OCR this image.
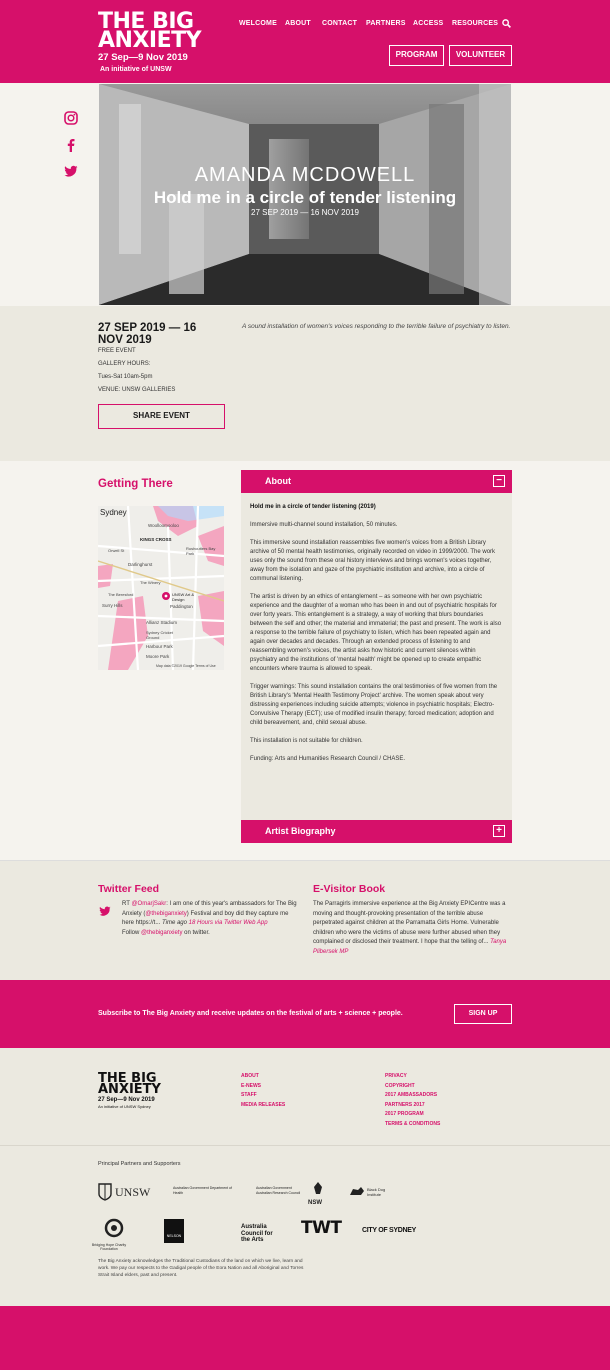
THE BIG
ANXIETY
27 Sep—9 Nov 2019
An initiative of UNSW
WELCOME ABOUT CONTACT PARTNERS ACCESS RESOURCES
PROGRAM	VOLUNTEER
AMANDA MCDOWELL
Hold me in a circle of tender listening
27 SEP 2019 — 16 NOV 2019
27 SEP 2019 — 16
NOV 2019
FREE EVENT
GALLERY HOURS:
Tues-Sat 10am-5pm
VENUE: UNSW GALLERIES
SHARE EVENT
A sound installation of women's voices responding to the terrible failure of psychiatry to listen.
Getting There
Sydney
KINGS CROSS
Woolloomooloo
Rushcutters Bay Park
Darlinghurst
Surry Hills	Paddington
Allianz Stadium
Sydney Cricket Ground
Harbour Park
Moore Park
UNSW Art & Design
The Winery
The Beresford
Orwell St
Map data ©2019 Google Terms of Use
About	−
Hold me in a circle of tender listening (2019)
Immersive multi-channel sound installation, 50 minutes.
This immersive sound installation reassembles five women's voices from a British Library archive of 50 mental health testimonies, originally recorded on video in 1999/2000. The work uses only the sound from these oral history interviews and brings women's voices together, away from the isolation and gaze of the psychiatric institution and archive, into a circle of communal listening.
The artist is driven by an ethics of entanglement – as someone with her own psychiatric experience and the daughter of a woman who has been in and out of psychiatric hospitals for over forty years. This entanglement is a strategy, a way of working that blurs boundaries between the self and other; the material and immaterial; the past and present. The work is also a response to the terrible failure of psychiatry to listen, which has been repeated again and again over decades and decades. Through an extended process of listening to and reassembling women's voices, the artist asks how historic and current silences within psychiatry and the institutions of 'mental health' might be opened up to create empathic encounters where trauma is allowed to speak.
Trigger warnings: This sound installation contains the oral testimonies of five women from the British Library's 'Mental Health Testimony Project' archive. The women speak about very distressing experiences including suicide attempts; violence in psychiatric hospitals; Electro-Convulsive Therapy (ECT); use of modified insulin therapy; forced medication; adoption and child bereavement, and, child sexual abuse.
This installation is not suitable for children.
Funding: Arts and Humanities Research Council / CHASE.
Artist Biography	+
Twitter Feed
RT @OmarjSakr: I am one of this year's ambassadors for The Big Anxiety (@thebiganxiety) Festival and boy did they capture me here https://t... Time ago 18 Hours via Twitter Web App
Follow @thebiganxiety on twitter.
E-Visitor Book
The Parragirls immersive experience at the Big Anxiety EPICentre was a moving and thought-provoking presentation of the terrible abuse perpetrated against children at the Parramatta Girls Home. Vulnerable children who were the victims of abuse were further abused when they complained or disclosed their treatment. I hope that the telling of... Tanya Plibersek MP
Subscribe to The Big Anxiety and receive updates on the festival of arts + science + people.	SIGN UP
THE BIG
ANXIETY
27 Sep—9 Nov 2019
An initiative of UNSW Sydney
ABOUT
E-NEWS
STAFF
MEDIA RELEASES
PRIVACY
COPYRIGHT
2017 AMBASSADORS
PARTNERS 2017
2017 PROGRAM
TERMS & CONDITIONS
Principal Partners and Supporters
UNSW	Australian Government Department of Health
Australian Government Australian Research Council
NSW
Black Dog Institute
Bridging Hope Charity Foundation
NELSON
Australia Council for the Arts
TWT	CITY OF SYDNEY
The Big Anxiety acknowledges the Traditional Custodians of the land on which we live, learn and work. We pay our respects to the Gadigal people of the Eora Nation and all Aboriginal and Torres Strait Island elders, past and present.
